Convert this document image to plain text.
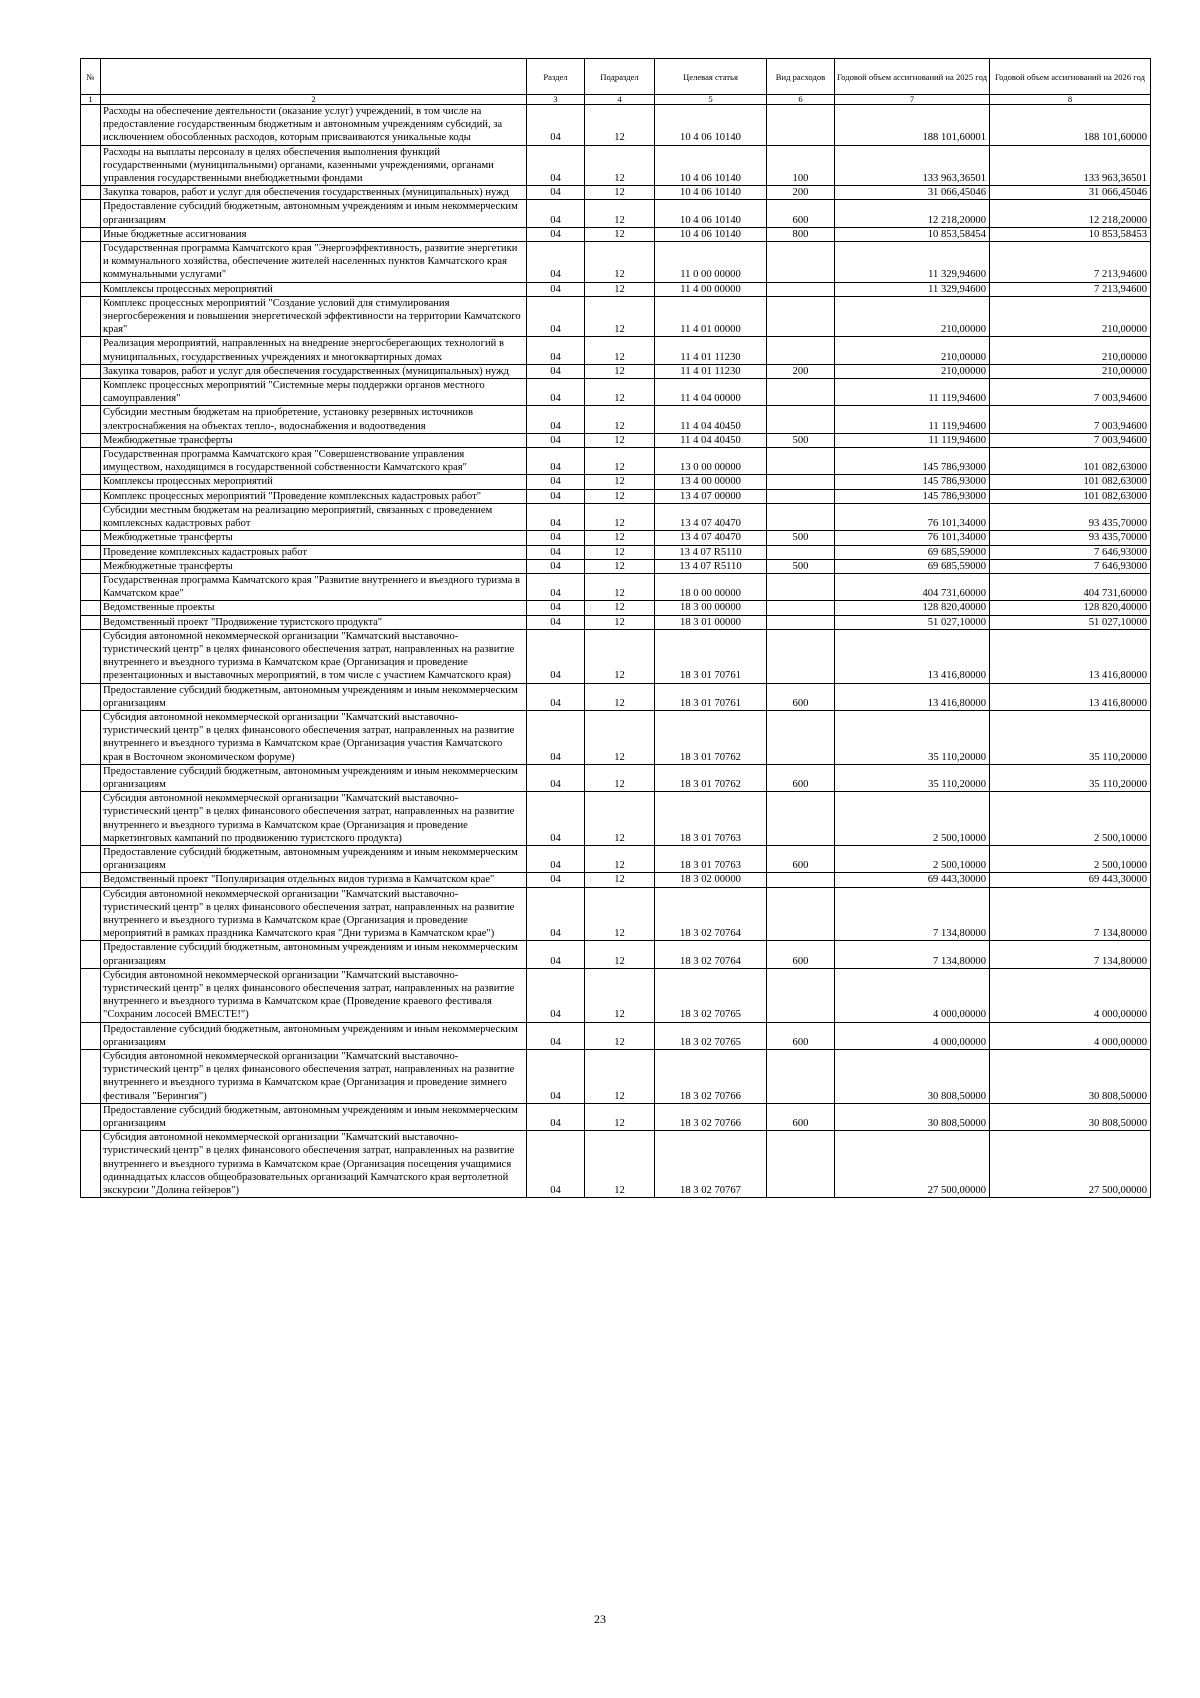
№		Раздел	Подраздел	Целевая статья	Вид расходов	Годовой объем ассигнований на 2025 год	Годовой объем ассигнований на 2026 год
1	2	3	4	5	6	7	8
	Расходы на обеспечение деятельности (оказание услуг) учреждений, в том числе на предоставление государственным бюджетным и автономным учреждениям субсидий, за исключением обособленных расходов, которым присваиваются уникальные коды	04	12	10 4 06 10140		188 101,60001	188 101,60000
	Расходы на выплаты персоналу в целях обеспечения выполнения функций государственными (муниципальными) органами, казенными учреждениями, органами управления государственными внебюджетными фондами	04	12	10 4 06 10140	100	133 963,36501	133 963,36501
	Закупка товаров, работ и услуг для обеспечения государственных (муниципальных) нужд	04	12	10 4 06 10140	200	31 066,45046	31 066,45046
	Предоставление субсидий бюджетным, автономным учреждениям и иным некоммерческим организациям	04	12	10 4 06 10140	600	12 218,20000	12 218,20000
	Иные бюджетные ассигнования	04	12	10 4 06 10140	800	10 853,58454	10 853,58453
	Государственная программа Камчатского края "Энергоэффективность, развитие энергетики и коммунального хозяйства, обеспечение жителей населенных пунктов Камчатского края коммунальными услугами"	04	12	11 0 00 00000		11 329,94600	7 213,94600
	Комплексы процессных мероприятий	04	12	11 4 00 00000		11 329,94600	7 213,94600
	Комплекс процессных мероприятий "Создание условий для стимулирования энергосбережения и повышения энергетической эффективности на территории Камчатского края"	04	12	11 4 01 00000		210,00000	210,00000
	Реализация мероприятий, направленных на внедрение энергосберегающих технологий в муниципальных, государственных учреждениях и многоквартирных домах	04	12	11 4 01 11230		210,00000	210,00000
	Закупка товаров, работ и услуг для обеспечения государственных (муниципальных) нужд	04	12	11 4 01 11230	200	210,00000	210,00000
	Комплекс процессных мероприятий "Системные меры поддержки органов местного самоуправления"	04	12	11 4 04 00000		11 119,94600	7 003,94600
	Субсидии местным бюджетам на приобретение, установку резервных источников электроснабжения на объектах тепло-, водоснабжения и водоотведения	04	12	11 4 04 40450		11 119,94600	7 003,94600
	Межбюджетные трансферты	04	12	11 4 04 40450	500	11 119,94600	7 003,94600
	Государственная программа Камчатского края "Совершенствование управления имуществом, находящимся в государственной собственности Камчатского края"	04	12	13 0 00 00000		145 786,93000	101 082,63000
	Комплексы процессных мероприятий	04	12	13 4 00 00000		145 786,93000	101 082,63000
	Комплекс процессных мероприятий "Проведение комплексных кадастровых работ"	04	12	13 4 07 00000		145 786,93000	101 082,63000
	Субсидии местным бюджетам на реализацию мероприятий, связанных с проведением комплексных кадастровых работ	04	12	13 4 07 40470		76 101,34000	93 435,70000
	Межбюджетные трансферты	04	12	13 4 07 40470	500	76 101,34000	93 435,70000
	Проведение комплексных кадастровых работ	04	12	13 4 07 R5110		69 685,59000	7 646,93000
	Межбюджетные трансферты	04	12	13 4 07 R5110	500	69 685,59000	7 646,93000
	Государственная программа Камчатского края "Развитие внутреннего и въездного туризма в Камчатском крае"	04	12	18 0 00 00000		404 731,60000	404 731,60000
	Ведомственные проекты	04	12	18 3 00 00000		128 820,40000	128 820,40000
	Ведомственный проект "Продвижение туристского продукта"	04	12	18 3 01 00000		51 027,10000	51 027,10000
	Субсидия автономной некоммерческой организации "Камчатский выставочно-туристический центр" в целях финансового обеспечения затрат, направленных на развитие внутреннего и въездного туризма в Камчатском крае (Организация и проведение презентационных и выставочных мероприятий, в том числе с участием Камчатского края)	04	12	18 3 01 70761		13 416,80000	13 416,80000
	Предоставление субсидий бюджетным, автономным учреждениям и иным некоммерческим организациям	04	12	18 3 01 70761	600	13 416,80000	13 416,80000
	Субсидия автономной некоммерческой организации "Камчатский выставочно-туристический центр" в целях финансового обеспечения затрат, направленных на развитие внутреннего и въездного туризма в Камчатском крае (Организация участия Камчатского края в Восточном экономическом форуме)	04	12	18 3 01 70762		35 110,20000	35 110,20000
	Предоставление субсидий бюджетным, автономным учреждениям и иным некоммерческим организациям	04	12	18 3 01 70762	600	35 110,20000	35 110,20000
	Субсидия автономной некоммерческой организации "Камчатский выставочно-туристический центр" в целях финансового обеспечения затрат, направленных на развитие внутреннего и въездного туризма в Камчатском крае (Организация и проведение маркетинговых кампаний по продвижению туристского продукта)	04	12	18 3 01 70763		2 500,10000	2 500,10000
	Предоставление субсидий бюджетным, автономным учреждениям и иным некоммерческим организациям	04	12	18 3 01 70763	600	2 500,10000	2 500,10000
	Ведомственный проект "Популяризация отдельных видов туризма в Камчатском крае"	04	12	18 3 02 00000		69 443,30000	69 443,30000
	Субсидия автономной некоммерческой организации "Камчатский выставочно-туристический центр" в целях финансового обеспечения затрат, направленных на развитие внутреннего и въездного туризма в Камчатском крае (Организация и проведение мероприятий в рамках праздника Камчатского края "Дни туризма в Камчатском крае")	04	12	18 3 02 70764		7 134,80000	7 134,80000
	Предоставление субсидий бюджетным, автономным учреждениям и иным некоммерческим организациям	04	12	18 3 02 70764	600	7 134,80000	7 134,80000
	Субсидия автономной некоммерческой организации "Камчатский выставочно-туристический центр" в целях финансового обеспечения затрат, направленных на развитие внутреннего и въездного туризма в Камчатском крае (Проведение краевого фестиваля "Сохраним лососей ВМЕСТЕ!")	04	12	18 3 02 70765		4 000,00000	4 000,00000
	Предоставление субсидий бюджетным, автономным учреждениям и иным некоммерческим организациям	04	12	18 3 02 70765	600	4 000,00000	4 000,00000
	Субсидия автономной некоммерческой организации "Камчатский выставочно-туристический центр" в целях финансового обеспечения затрат, направленных на развитие внутреннего и въездного туризма в Камчатском крае (Организация и проведение зимнего фестиваля "Берингия")	04	12	18 3 02 70766		30 808,50000	30 808,50000
	Предоставление субсидий бюджетным, автономным учреждениям и иным некоммерческим организациям	04	12	18 3 02 70766	600	30 808,50000	30 808,50000
	Субсидия автономной некоммерческой организации "Камчатский выставочно-туристический центр" в целях финансового обеспечения затрат, направленных на развитие внутреннего и въездного туризма в Камчатском крае (Организация посещения учащимися одиннадцатых классов общеобразовательных организаций Камчатского края вертолетной экскурсии "Долина гейзеров")	04	12	18 3 02 70767		27 500,00000	27 500,00000
23
